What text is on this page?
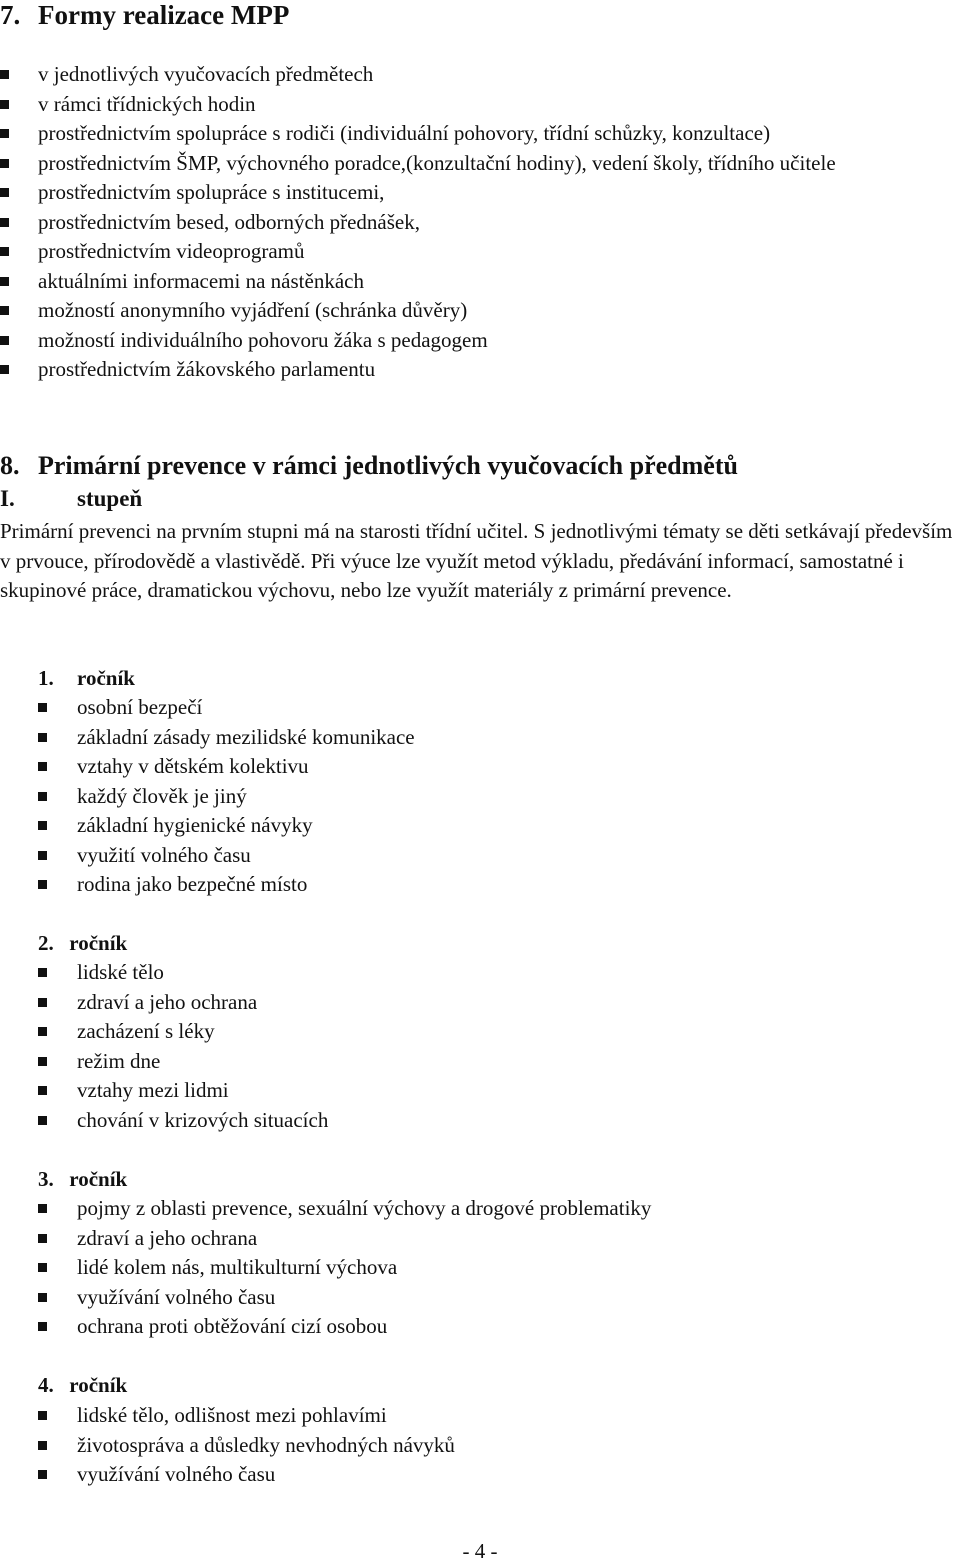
7. Formy realizace MPP
v jednotlivých vyučovacích předmětech
v rámci třídnických hodin
prostřednictvím spolupráce s rodiči (individuální pohovory, třídní schůzky, konzultace)
prostřednictvím ŠMP, výchovného poradce,(konzultační hodiny), vedení školy, třídního učitele
prostřednictvím spolupráce s institucemi,
prostřednictvím besed, odborných přednášek,
prostřednictvím videoprogramů
aktuálními informacemi na nástěnkách
možností anonymního vyjádření (schránka důvěry)
možností individuálního pohovoru žáka s pedagogem
prostřednictvím žákovského parlamentu
8. Primární prevence v rámci jednotlivých vyučovacích předmětů
I.	stupeň

Primární prevenci na prvním stupni má na starosti třídní učitel. S jednotlivými tématy se děti setkávají především v prvouce, přírodovědě a vlastivědě. Při výuce lze využít metod výkladu, předávání informací, samostatné i skupinové práce, dramatickou výchovu, nebo lze využít materiály z primární prevence.

1. ročník

osobní bezpečí
základní zásady mezilidské komunikace
vztahy v dětském kolektivu
každý člověk je jiný
základní hygienické návyky
využití volného času
rodina jako bezpečné místo

2. ročník

lidské tělo
zdraví a jeho ochrana
zacházení s léky
režim dne
vztahy mezi lidmi
chování v krizových situacích

3. ročník

pojmy z oblasti prevence, sexuální výchovy a drogové problematiky
zdraví a jeho ochrana
lidé kolem nás, multikulturní výchova
využívání volného času
ochrana proti obtěžování cizí osobou

4. ročník

lidské tělo, odlišnost mezi pohlavími
životospráva a důsledky nevhodných návyků
využívání volného času

- 4 -
